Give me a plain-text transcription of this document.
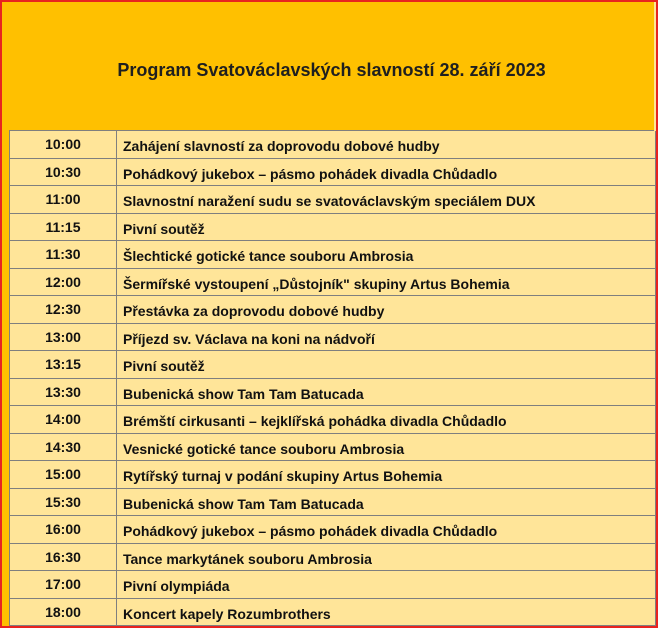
Program Svatováclavských slavností 28. září 2023
10:00	Zahájení slavností za doprovodu dobové hudby
10:30	Pohádkový jukebox – pásmo pohádek divadla Chůdadlo
11:00	Slavnostní naražení sudu se svatováclavským speciálem DUX
11:15	Pivní soutěž
11:30	Šlechtické gotické tance souboru Ambrosia
12:00	Šermířské vystoupení „Důstojník" skupiny Artus Bohemia
12:30	Přestávka za doprovodu dobové hudby
13:00	Příjezd sv. Václava na koni na nádvoří
13:15	Pivní soutěž
13:30	Bubenická show Tam Tam Batucada
14:00	Brémští cirkusanti – kejklířská pohádka divadla Chůdadlo
14:30	Vesnické gotické tance souboru Ambrosia
15:00	Rytířský turnaj v podání skupiny Artus Bohemia
15:30	Bubenická show Tam Tam Batucada
16:00	Pohádkový jukebox – pásmo pohádek divadla Chůdadlo
16:30	Tance markytánek souboru Ambrosia
17:00	Pivní olympiáda
18:00	Koncert kapely Rozumbrothers
